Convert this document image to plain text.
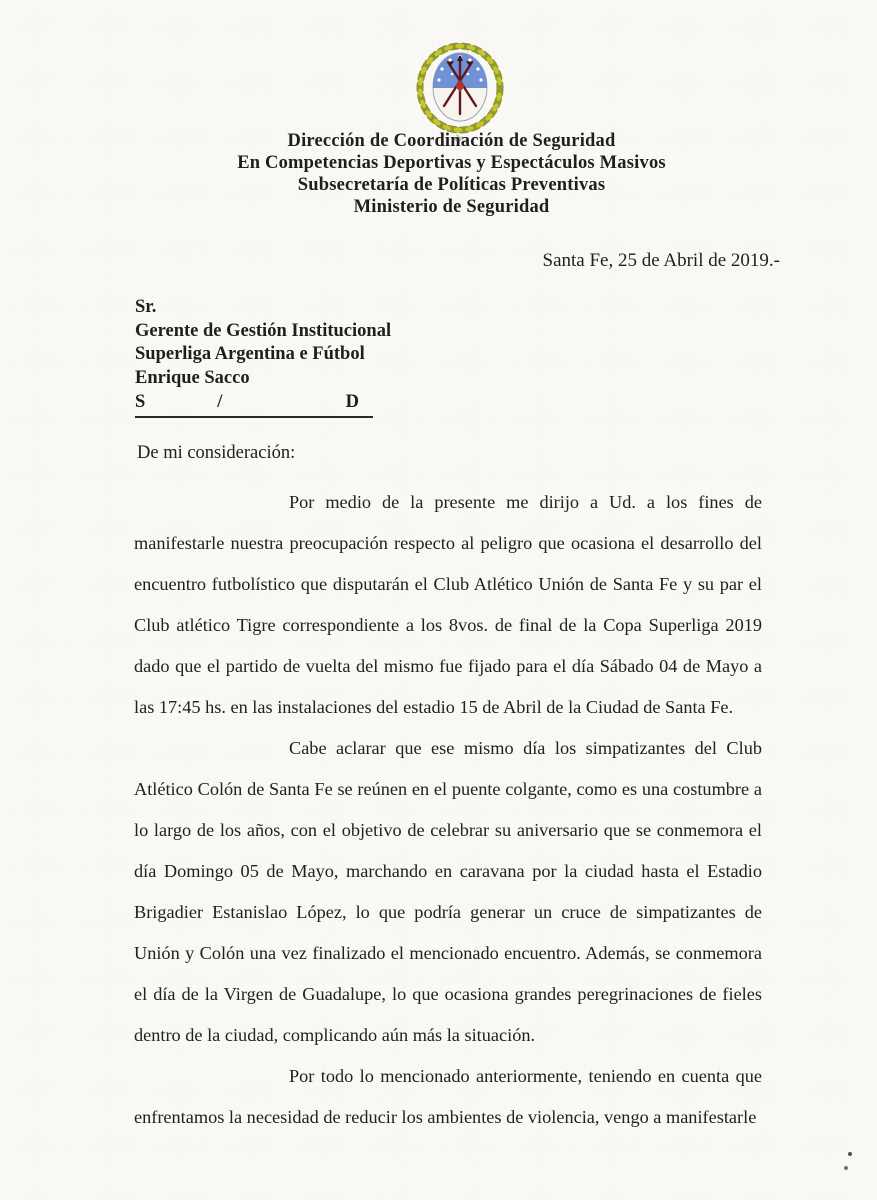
Dirección de Coordinación de Seguridad
En Competencias Deportivas y Espectáculos Masivos
Subsecretaría de Políticas Preventivas
Ministerio de Seguridad
Santa Fe, 25 de Abril de 2019.-
Sr.
Gerente de Gestión Institucional
Superliga Argentina e Fútbol
Enrique Sacco
S	/	D
De mi consideración:

Por medio de la presente me dirijo a Ud. a los fines de manifestarle nuestra preocupación respecto al peligro que ocasiona el desarrollo del encuentro futbolístico que disputarán el Club Atlético Unión de Santa Fe y su par el Club atlético Tigre correspondiente a los 8vos. de final de la Copa Superliga 2019 dado que el partido de vuelta del mismo fue fijado para el día Sábado 04 de Mayo a las 17:45 hs. en las instalaciones del estadio 15 de Abril de la Ciudad de Santa Fe.

Cabe aclarar que ese mismo día los simpatizantes del Club Atlético Colón de Santa Fe se reúnen en el puente colgante, como es una costumbre a lo largo de los años, con el objetivo de celebrar su aniversario que se conmemora el día Domingo 05 de Mayo, marchando en caravana por la ciudad hasta el Estadio Brigadier Estanislao López, lo que podría generar un cruce de simpatizantes de Unión y Colón una vez finalizado el mencionado encuentro. Además, se conmemora el día de la Virgen de Guadalupe, lo que ocasiona grandes peregrinaciones de fieles dentro de la ciudad, complicando aún más la situación.

Por todo lo mencionado anteriormente, teniendo en cuenta que enfrentamos la necesidad de reducir los ambientes de violencia, vengo a manifestarle
